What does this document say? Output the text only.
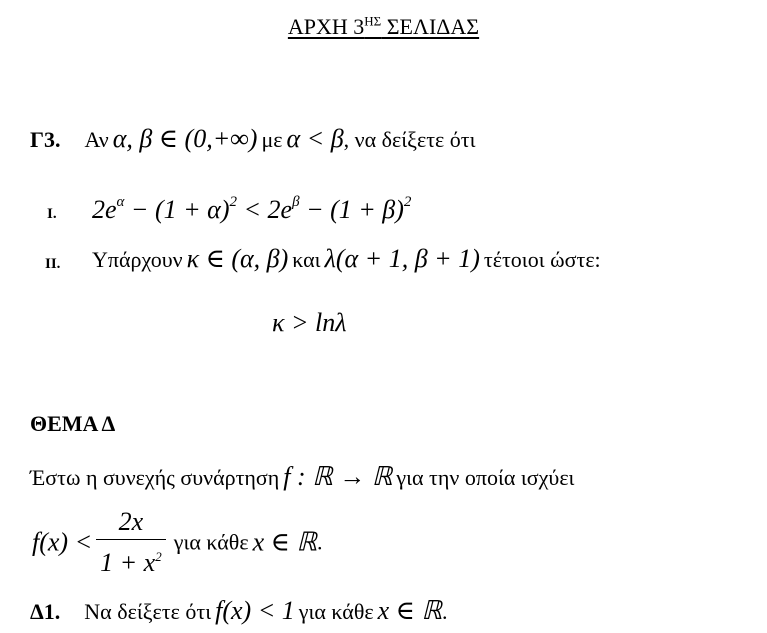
ΑΡΧΗ $3^{H\Sigma}$ ΣΕΛΙΔΑΣ
Γ3. Αν α, β ∈ (0,+∞) με α < β, να δείξετε ότι
I. $2e^\alpha - (1 + \alpha)^2 < 2e^\beta - (1 + \beta)^2$
II. Υπάρχουν κ ∈ (α, β) και λ(α + 1, β + 1) τέτοιοι ώστε:
κ > lnλ
ΘΕΜΑ Δ
Έστω η συνεχής συνάρτηση f : ℝ → ℝ για την οποία ισχύει
$f(x) < \frac{2x}{1 + x^2}$ για κάθε x ∈ ℝ.
Δ1. Να δείξετε ότι f(x) < 1 για κάθε x ∈ ℝ.
